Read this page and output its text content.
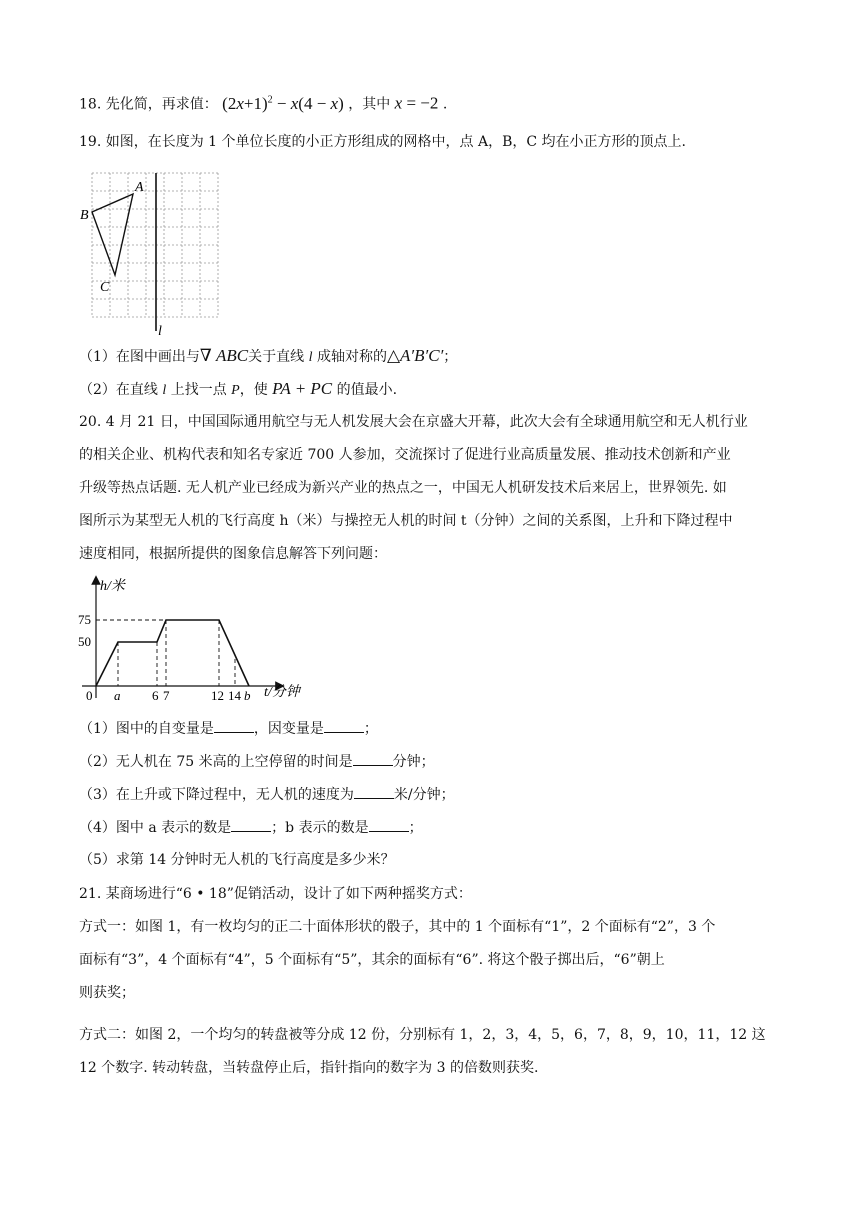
18. 先化简，再求值： $(2x+1)^2 - x(4 - x)$ ，其中 x = −2 .
19. 如图，在长度为 1 个单位长度的小正方形组成的网格中，点 A，B，C 均在小正方形的顶点上.
A
B
C
l
（1）在图中画出与∇ ABC关于直线 l 成轴对称的△A′B′C′；
（2）在直线 l 上找一点 P，使 PA + PC 的值最小.
20. 4 月 21 日，中国国际通用航空与无人机发展大会在京盛大开幕，此次大会有全球通用航空和无人机行业
的相关企业、机构代表和知名专家近 700 人参加，交流探讨了促进行业高质量发展、推动技术创新和产业
升级等热点话题. 无人机产业已经成为新兴产业的热点之一，中国无人机研发技术后来居上，世界领先. 如
图所示为某型无人机的飞行高度 h（米）与操控无人机的时间 t（分钟）之间的关系图，上升和下降过程中
速度相同，根据所提供的图象信息解答下列问题：
h/米
75
50
0 a 6 7	12 14 b t/分钟
（1）图中的自变量是	，因变量是	；
（2）无人机在 75 米高的上空停留的时间是	分钟；
（3）在上升或下降过程中，无人机的速度为	米/分钟；
（4）图中 a 表示的数是	；b 表示的数是	；
（5）求第 14 分钟时无人机的飞行高度是多少米？
21. 某商场进行“6 • 18”促销活动，设计了如下两种摇奖方式：
方式一：如图 1，有一枚均匀的正二十面体形状的骰子，其中的 1 个面标有“1”，2 个面标有“2”，3 个
面标有“3”，4 个面标有“4”，5 个面标有“5”，其余的面标有“6”. 将这个骰子掷出后，“6”朝上
则获奖；
方式二：如图 2，一个均匀的转盘被等分成 12 份，分别标有 1，2，3，4，5，6，7，8，9，10，11，12 这
12 个数字. 转动转盘，当转盘停止后，指针指向的数字为 3 的倍数则获奖.
